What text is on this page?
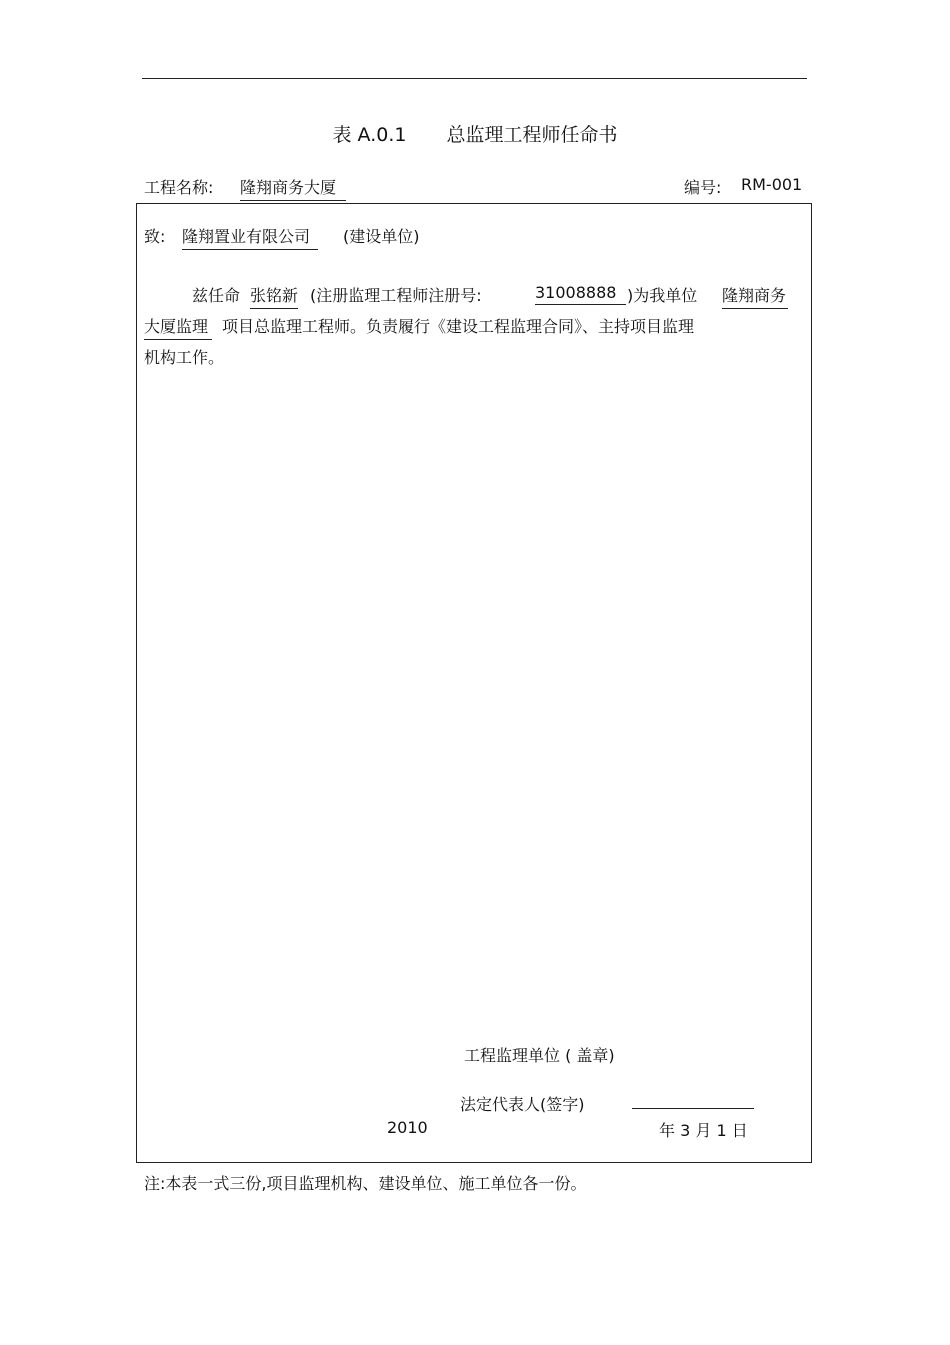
表 A.0.1 总监理工程师任命书
工程名称: 隆翔商务大厦	编号: RM-001
致: 隆翔置业有限公司	(建设单位)
兹任命 张铭新 (注册监理工程师注册号:	31008888 )为我单位 隆翔商务
大厦监理 项目总监理工程师。负责履行《建设工程监理合同》、主持项目监理
机构工作。
工程监理单位 ( 盖章)
法定代表人(签字)
2010	年 3 月 1 日
注:本表一式三份,项目监理机构、建设单位、施工单位各一份。
